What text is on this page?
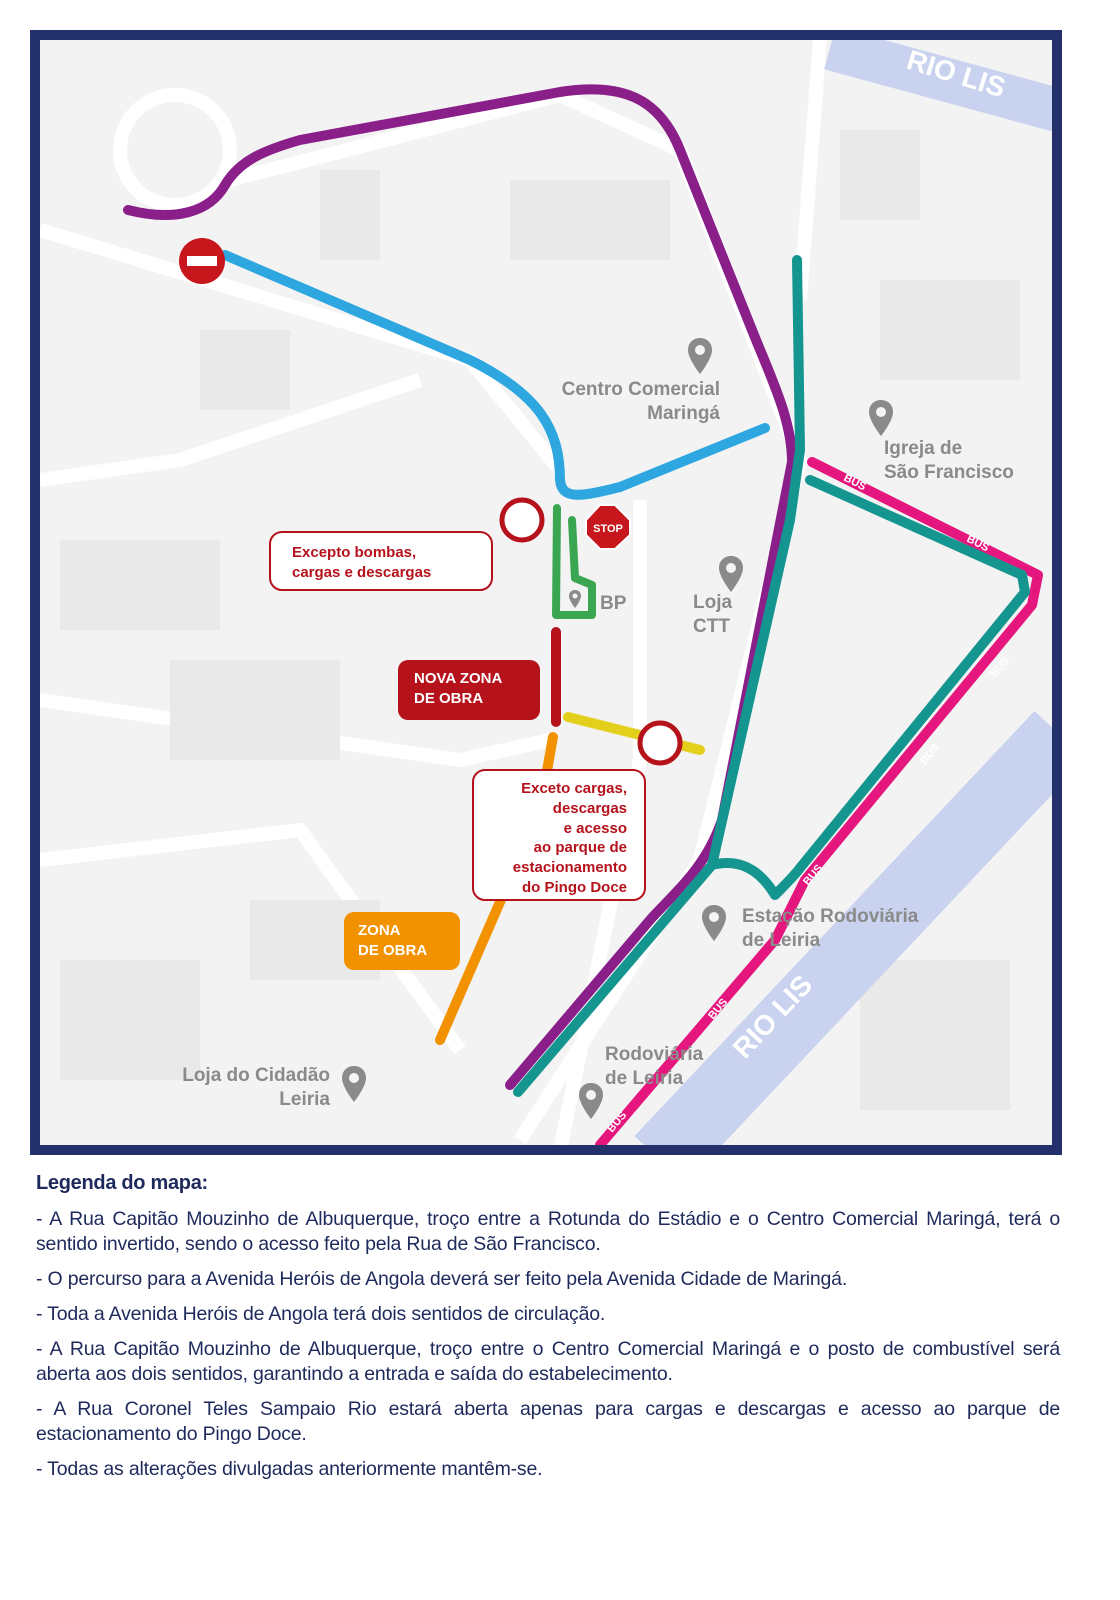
RIO LIS
RIO LIS
BUS
BUS
BUS
BUS
BUS
BUS
BUS
STOP
Excepto bombas,
cargas e descargas
NOVA ZONA
DE OBRA
Exceto cargas,
descargas
e acesso
ao parque de
estacionamento
do Pingo Doce
ZONA
DE OBRA
Centro Comercial
Maringá
Igreja de
São Francisco
BP	Loja
CTT
Estação Rodoviária
de Leiria
Rodoviária
de Leiria
Loja do Cidadão
Leiria
Legenda do mapa:

- A Rua Capitão Mouzinho de Albuquerque, troço entre a Rotunda do Estádio e o Centro Comercial Maringá, terá o sentido invertido, sendo o acesso feito pela Rua de São Francisco.

- O percurso para a Avenida Heróis de Angola deverá ser feito pela Avenida Cidade de Maringá.

- Toda a Avenida Heróis de Angola terá dois sentidos de circulação.

- A Rua Capitão Mouzinho de Albuquerque, troço entre o Centro Comercial Maringá e o posto de combustível será aberta aos dois sentidos, garantindo a entrada e saída do estabelecimento.

- A Rua Coronel Teles Sampaio Rio estará aberta apenas para cargas e descargas e acesso ao parque de estacionamento do Pingo Doce.

- Todas as alterações divulgadas anteriormente mantêm-se.
